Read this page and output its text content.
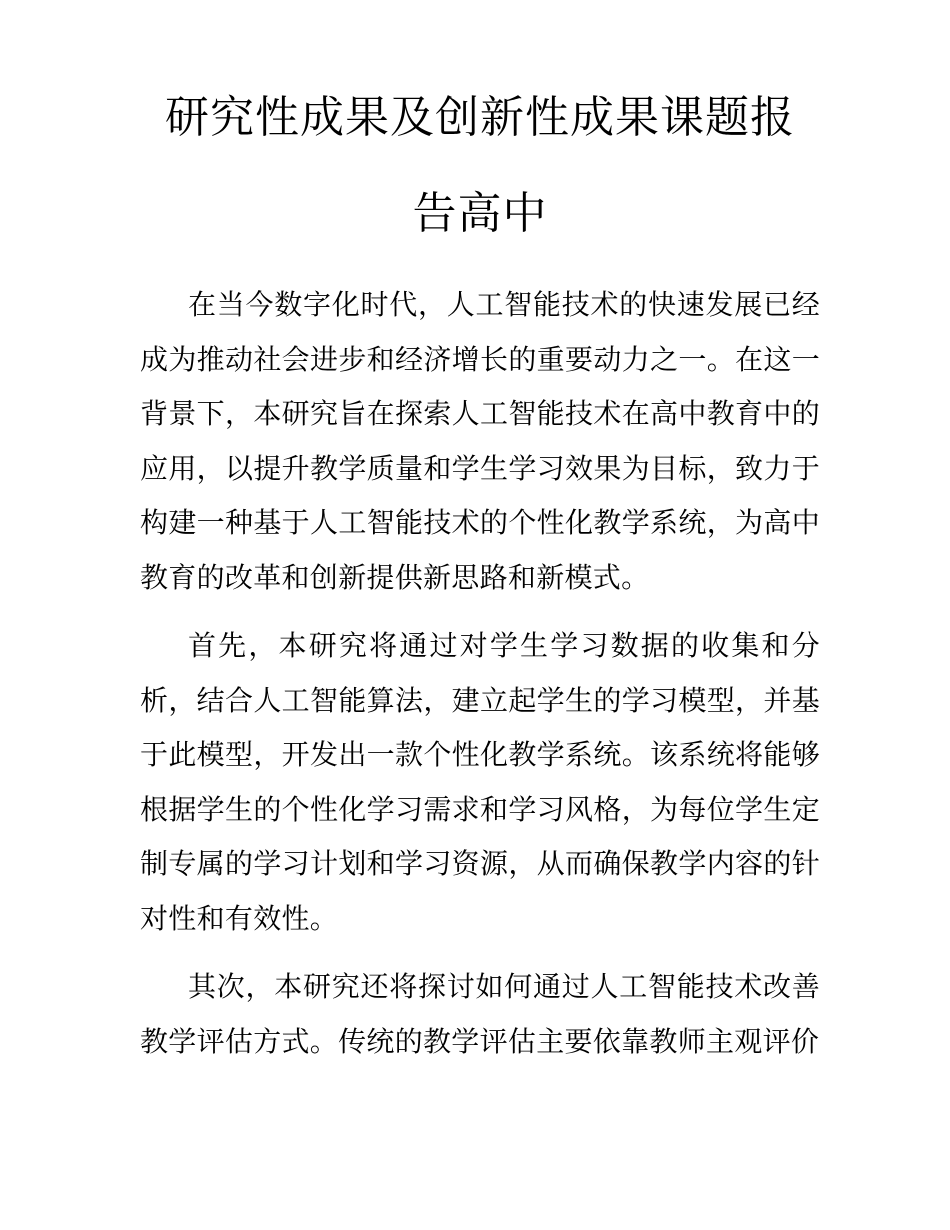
研究性成果及创新性成果课题报
告高中

在当今数字化时代，人工智能技术的快速发展已经成为推动社会进步和经济增长的重要动力之一。在这一背景下，本研究旨在探索人工智能技术在高中教育中的应用，以提升教学质量和学生学习效果为目标，致力于构建一种基于人工智能技术的个性化教学系统，为高中教育的改革和创新提供新思路和新模式。

首先，本研究将通过对学生学习数据的收集和分析，结合人工智能算法，建立起学生的学习模型，并基于此模型，开发出一款个性化教学系统。该系统将能够根据学生的个性化学习需求和学习风格，为每位学生定制专属的学习计划和学习资源，从而确保教学内容的针对性和有效性。

其次，本研究还将探讨如何通过人工智能技术改善教学评估方式。传统的教学评估主要依靠教师主观评价
